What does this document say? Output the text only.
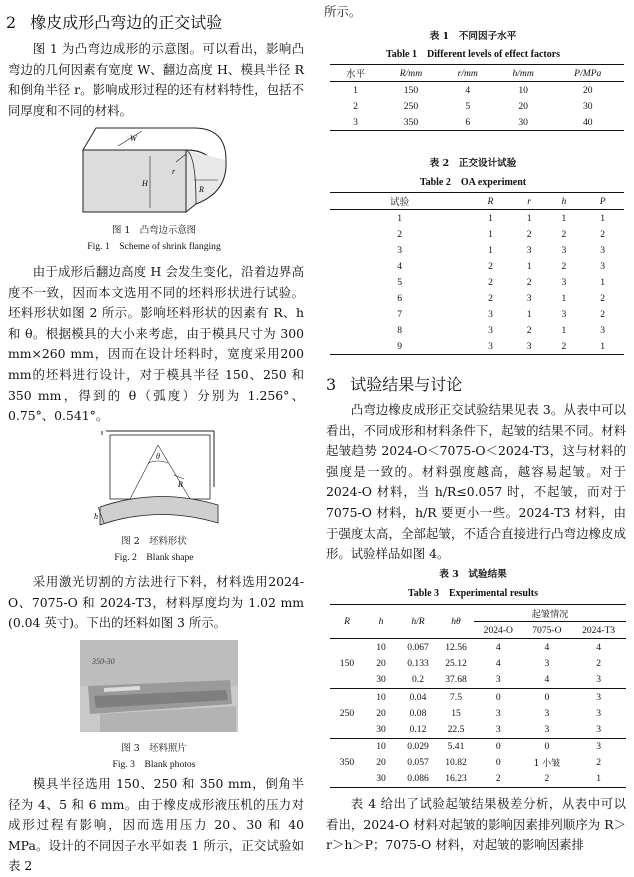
2 橡皮成形凸弯边的正交试验

图 1 为凸弯边成形的示意图。可以看出，影响凸弯边的几何因素有宽度 W、翻边高度 H、模具半径 R 和倒角半径 r。影响成形过程的还有材料特性，包括不同厚度和不同的材料。

W
H
r
R
图 1　凸弯边示意图
Fig. 1　Scheme of shrink flanging

由于成形后翻边高度 H 会发生变化，沿着边界高度不一致，因而本文选用不同的坯料形状进行试验。坯料形状如图 2 所示。影响坯料形状的因素有 R、h 和 θ。根据模具的大小来考虑，由于模具尺寸为 300 mm×260 mm，因而在设计坯料时，宽度采用200 mm的坯料进行设计，对于模具半径 150、250 和 350 mm，得到的 θ（弧度）分别为 1.256°、0.75°、0.541°。

θ
R
h
图 2　坯料形状
Fig. 2　Blank shape

采用激光切割的方法进行下料，材料选用2024-O、7075-O 和 2024-T3，材料厚度均为 1.02 mm (0.04 英寸)。下出的坯料如图 3 所示。

350-30
图 3　坯料照片
Fig. 3　Blank photos

模具半径选用 150、250 和 350 mm，倒角半径为 4、5 和 6 mm。由于橡皮成形液压机的压力对成形过程有影响，因而选用压力 20、30 和 40 MPa。设计的不同因子水平如表 1 所示，正交试验如表 2

所示。

表 1　不同因子水平
Table 1　Different levels of effect factors
水平	R/mm	r/mm	h/mm	P/MPa
1	150	4	10	20
2	250	5	20	30
3	350	6	30	40
表 2　正交设计试验
Table 2　OA experiment
试验	R	r	h	P
1	1	1	1	1
2	1	2	2	2
3	1	3	3	3
4	2	1	2	3
5	2	2	3	1
6	2	3	1	2
7	3	1	3	2
8	3	2	1	3
9	3	3	2	1
3 试验结果与讨论

凸弯边橡皮成形正交试验结果见表 3。从表中可以看出，不同成形和材料条件下，起皱的结果不同。材料起皱趋势 2024-O＜7075-O＜2024-T3，这与材料的强度是一致的。材料强度越高，越容易起皱。对于 2024-O 材料，当 h/R≤0.057 时，不起皱，而对于 7075-O 材料，h/R 要更小一些。2024-T3 材料，由于强度太高，全部起皱，不适合直接进行凸弯边橡皮成形。试验样品如图 4。

表 3　试验结果
Table 3　Experimental results
R	h	h/R	hθ	起皱情况		
				2024-O	7075-O	2024-T3
150	10	0.067	12.56	4	4	4
	20	0.133	25.12	4	3	2
	30	0.2	37.68	3	4	3
250	10	0.04	7.5	0	0	3
	20	0.08	15	3	3	3
	30	0.12	22.5	3	3	3
350	10	0.029	5.41	0	0	3
	20	0.057	10.82	0	1 小皱	2
	30	0.086	16.23	2	2	1

表 4 给出了试验起皱结果极差分析，从表中可以看出，2024-O 材料对起皱的影响因素排列顺序为 R＞r＞h＞P；7075-O 材料，对起皱的影响因素排
